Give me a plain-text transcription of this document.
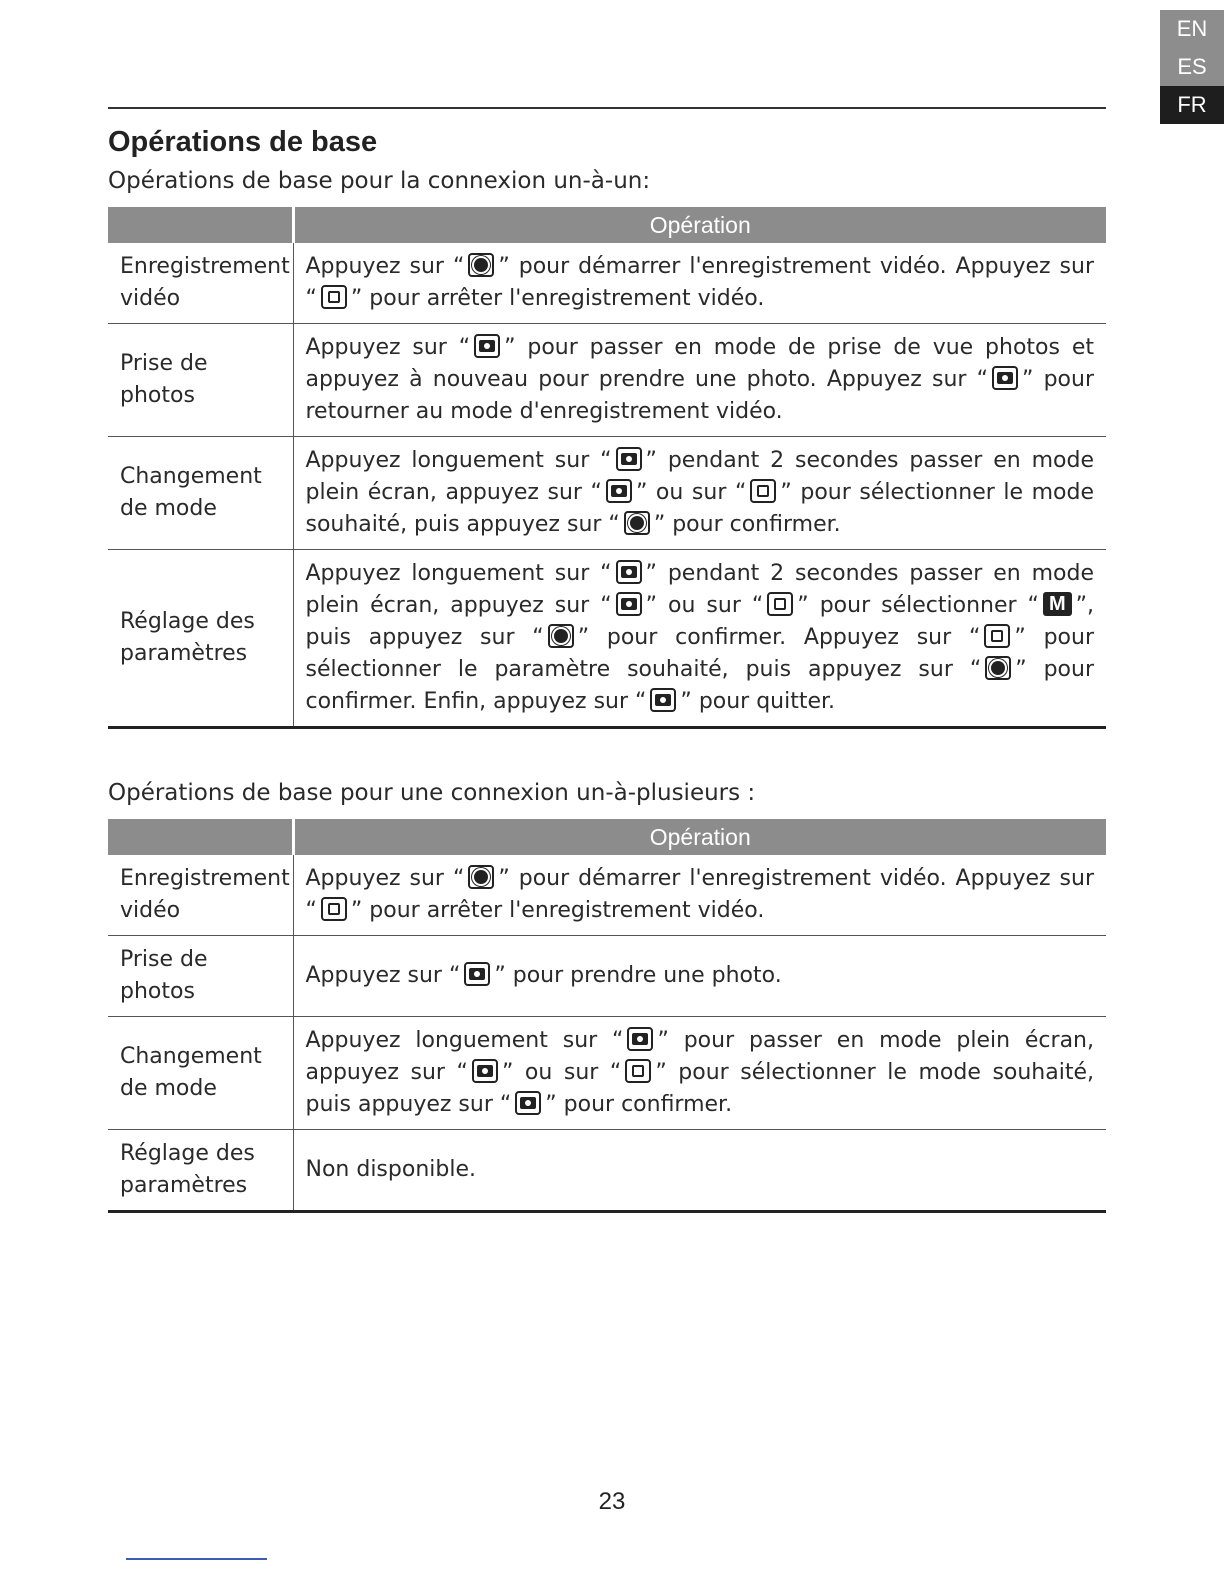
EN
ES
FR
Opérations de base
Opérations de base pour la connexion un-à-un:
	Opération
Enregistrement vidéo	Appuyez sur “ ” pour démarrer l'enregistrement vidéo. Appuyez sur “ ” pour arrêter l'enregistrement vidéo.
Prise de photos	Appuyez sur “ ” pour passer en mode de prise de vue photos et appuyez à nouveau pour prendre une photo. Appuyez sur “ ” pour retourner au mode d'enregistrement vidéo.
Changement de mode	Appuyez longuement sur “ ” pendant 2 secondes passer en mode plein écran, appuyez sur “ ” ou sur “ ” pour sélectionner le mode souhaité, puis appuyez sur “ ” pour confirmer.
Réglage des paramètres	Appuyez longuement sur “ ” pendant 2 secondes passer en mode plein écran, appuyez sur “ ” ou sur “ ” pour sélectionner “ M ”, puis appuyez sur “ ” pour confirmer. Appuyez sur “ ” pour sélectionner le paramètre souhaité, puis appuyez sur “ ” pour confirmer. Enfin, appuyez sur “ ” pour quitter.
Opérations de base pour une connexion un-à-plusieurs :
	Opération
Enregistrement vidéo	Appuyez sur “ ” pour démarrer l'enregistrement vidéo. Appuyez sur “ ” pour arrêter l'enregistrement vidéo.
Prise de photos	Appuyez sur “ ” pour prendre une photo.
Changement de mode	Appuyez longuement sur “ ” pour passer en mode plein écran, appuyez sur “ ” ou sur “ ” pour sélectionner le mode souhaité, puis appuyez sur “ ” pour confirmer.
Réglage des paramètres	Non disponible.
23
